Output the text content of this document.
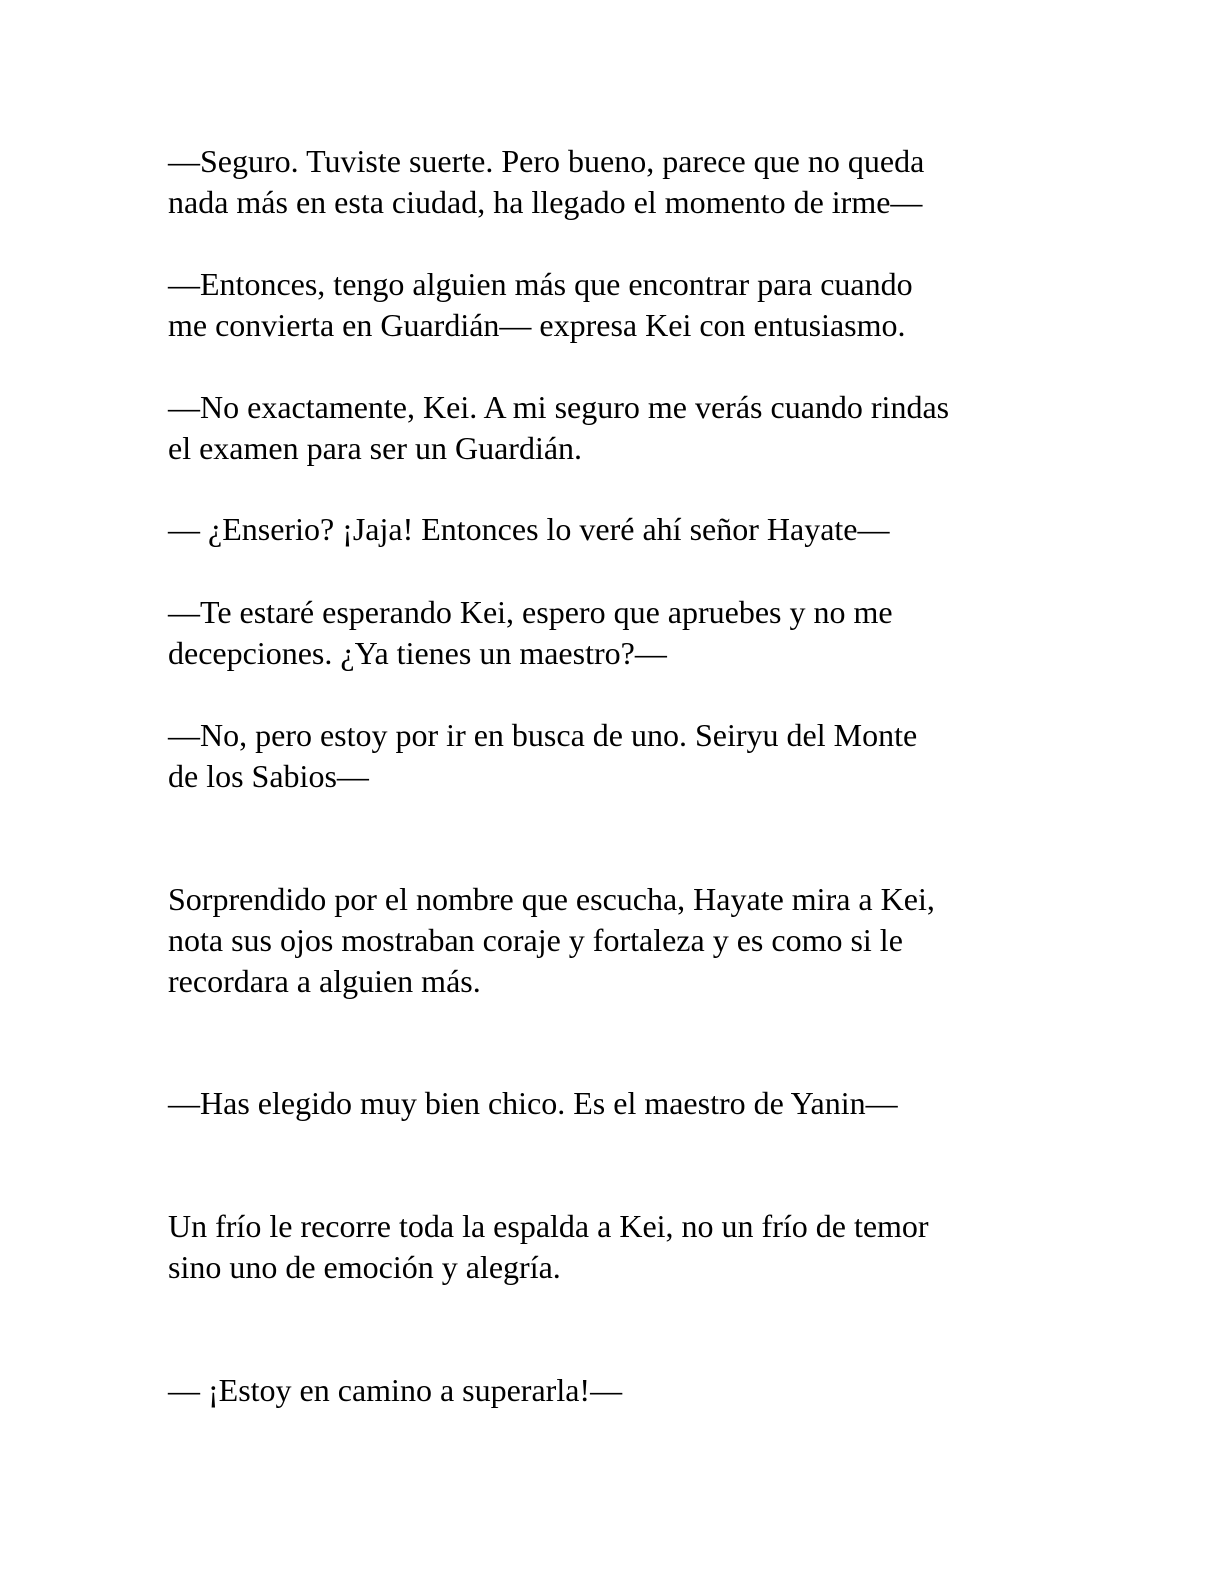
—Seguro. Tuviste suerte. Pero bueno, parece que no queda
nada más en esta ciudad, ha llegado el momento de irme—

—Entonces, tengo alguien más que encontrar para cuando
me convierta en Guardián— expresa Kei con entusiasmo.

—No exactamente, Kei. A mi seguro me verás cuando rindas
el examen para ser un Guardián.

— ¿Enserio? ¡Jaja! Entonces lo veré ahí señor Hayate—

—Te estaré esperando Kei, espero que apruebes y no me
decepciones. ¿Ya tienes un maestro?—

—No, pero estoy por ir en busca de uno. Seiryu del Monte
de los Sabios—

Sorprendido por el nombre que escucha, Hayate mira a Kei,
nota sus ojos mostraban coraje y fortaleza y es como si le
recordara a alguien más.

—Has elegido muy bien chico. Es el maestro de Yanin—

Un frío le recorre toda la espalda a Kei, no un frío de temor
sino uno de emoción y alegría.

— ¡Estoy en camino a superarla!—
